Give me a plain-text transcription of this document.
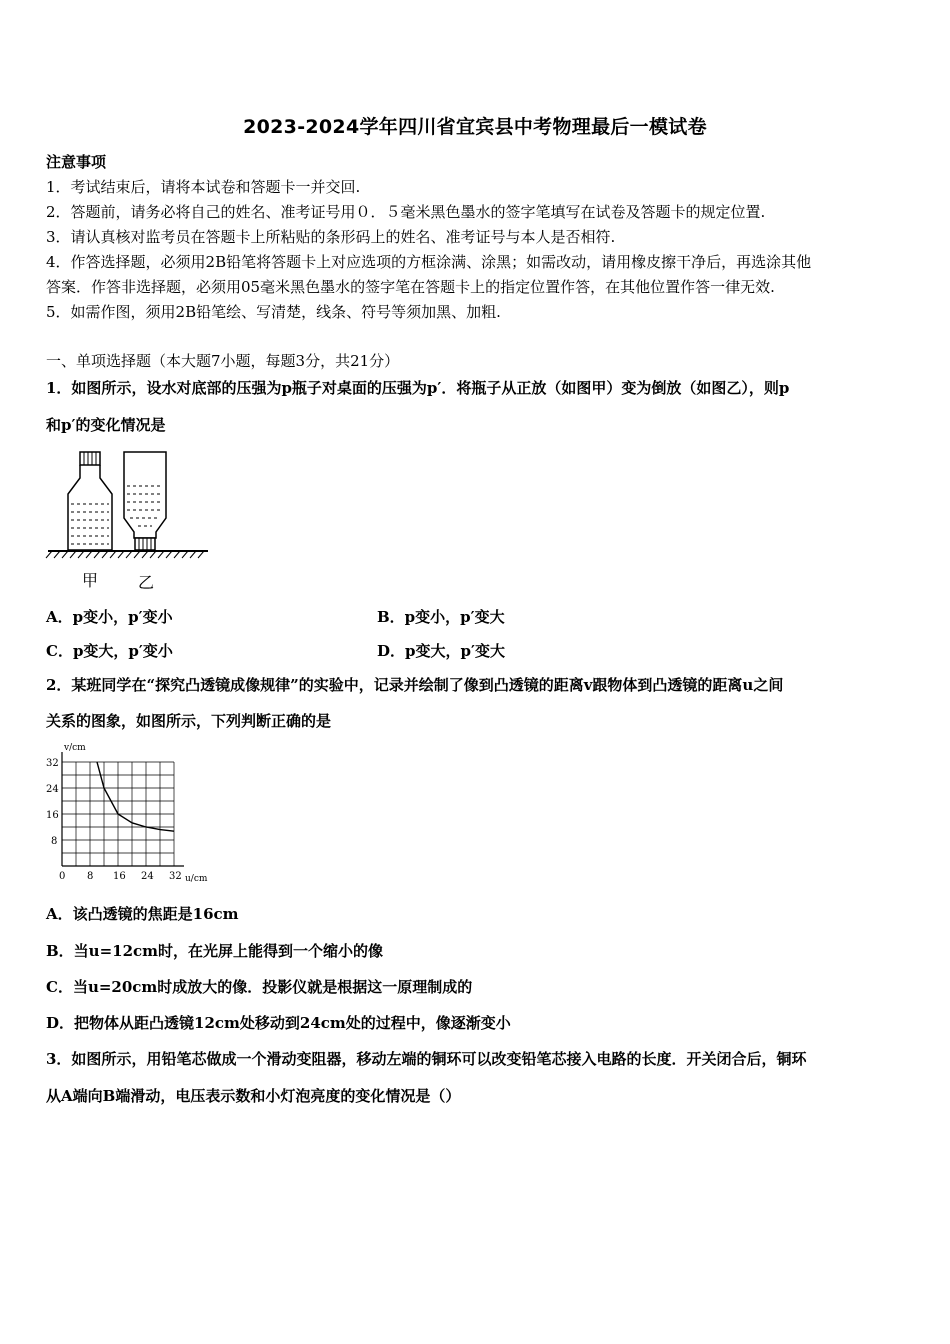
2023-2024学年四川省宜宾县中考物理最后一模试卷
注意事项
1．考试结束后，请将本试卷和答题卡一并交回.
2．答题前，请务必将自己的姓名、准考证号用０．５毫米黑色墨水的签字笔填写在试卷及答题卡的规定位置.
3．请认真核对监考员在答题卡上所粘贴的条形码上的姓名、准考证号与本人是否相符.
4．作答选择题，必须用2B铅笔将答题卡上对应选项的方框涂满、涂黑；如需改动，请用橡皮擦干净后，再选涂其他
答案．作答非选择题，必须用05毫米黑色墨水的签字笔在答题卡上的指定位置作答，在其他位置作答一律无效.
5．如需作图，须用2B铅笔绘、写清楚，线条、符号等须加黑、加粗.
一、单项选择题（本大题7小题，每题3分，共21分）
1．如图所示，设水对底部的压强为p瓶子对桌面的压强为p′．将瓶子从正放（如图甲）变为倒放（如图乙），则p
和p′的变化情况是
甲 乙
A．p变小，p′变小	B．p变小，p′变大
C．p变大，p′变小	D．p变大，p′变大
2．某班同学在“探究凸透镜成像规律”的实验中，记录并绘制了像到凸透镜的距离v跟物体到凸透镜的距离u之间
关系的图象，如图所示，下列判断正确的是
0 8 16 24 32
8
16
24
32
v/cm
u/cm
A．该凸透镜的焦距是16cm
B．当u=12cm时，在光屏上能得到一个缩小的像
C．当u=20cm时成放大的像．投影仪就是根据这一原理制成的
D．把物体从距凸透镜12cm处移动到24cm处的过程中，像逐渐变小
3．如图所示，用铅笔芯做成一个滑动变阻器，移动左端的铜环可以改变铅笔芯接入电路的长度．开关闭合后，铜环
从A端向B端滑动，电压表示数和小灯泡亮度的变化情况是（）
